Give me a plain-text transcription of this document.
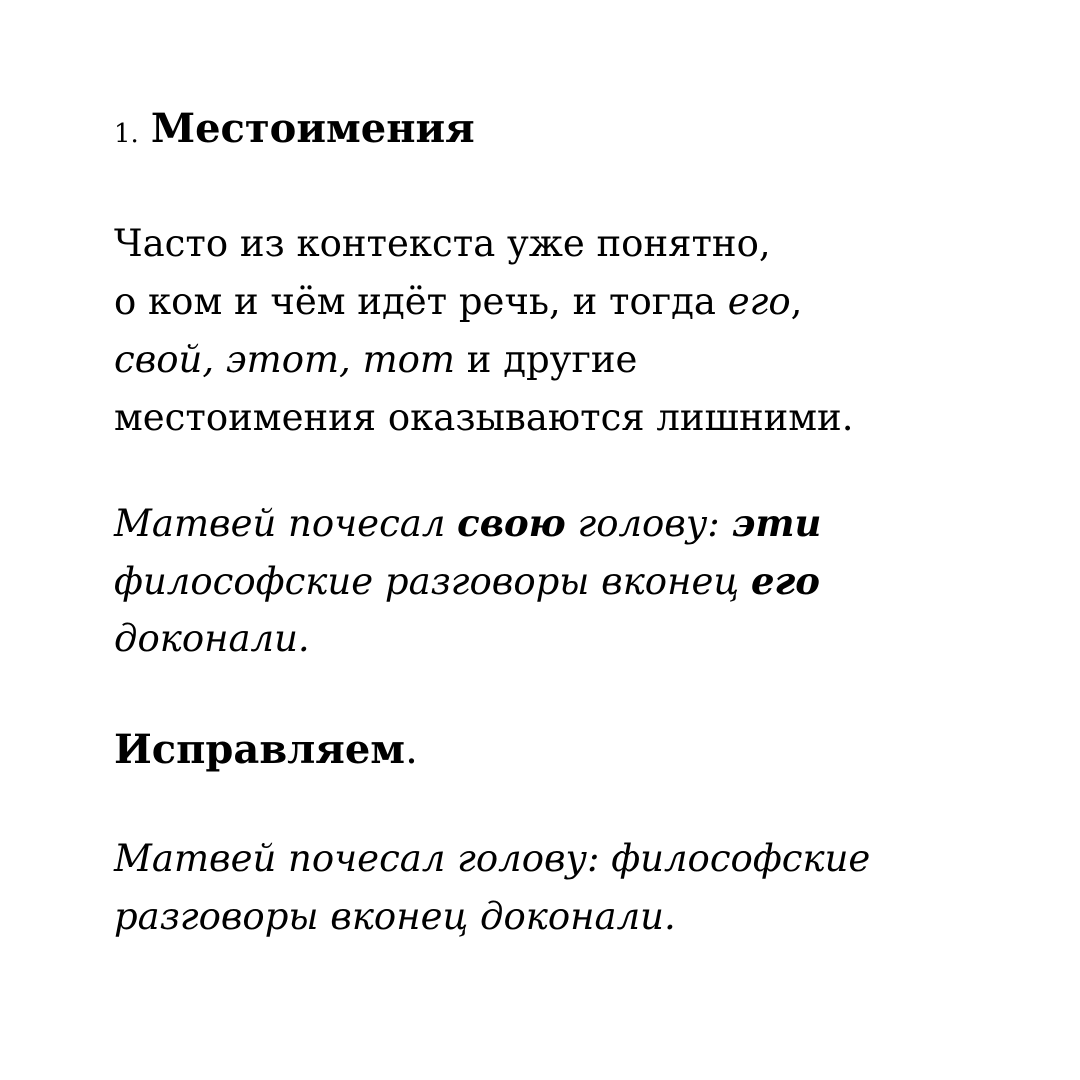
1. Местоимения
Часто из контекста уже понятно,
о ком и чём идёт речь, и тогда его,
свой, этот, тот и другие
местоимения оказываются лишними.
Матвей почесал свою голову: эти
философские разговоры вконец его
доконали.
Исправляем.
Матвей почесал голову: философские
разговоры вконец доконали.
